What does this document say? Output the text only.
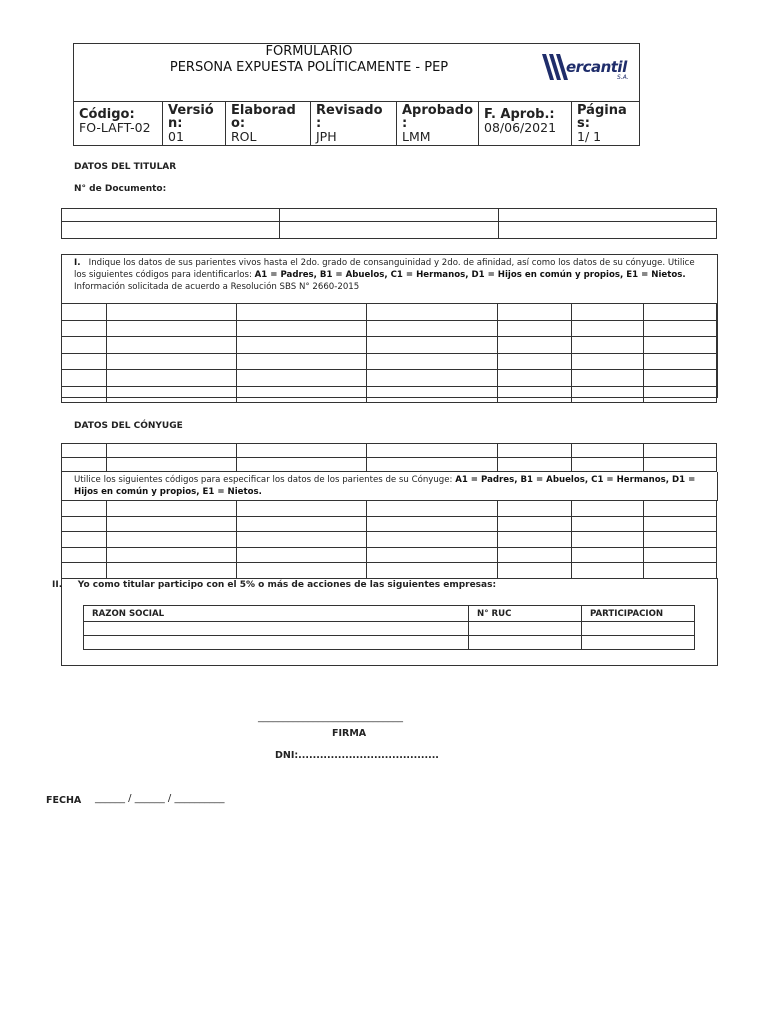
FORMULARIO
PERSONA EXPUESTA POLÍTICAMENTE - PEP	ercantil
S.A.
Código:
FO-LAFT-02

Versió n:
01

Elaborad o:
ROL

Revisado :
JPH

Aprobado :
LMM

F. Aprob.:
08/06/2021

Página s:
1/ 1
DATOS DEL TITULAR
N° de Documento:

I. Indique los datos de sus parientes vivos hasta el 2do. grado de consanguinidad y 2do. de afinidad, así como los datos de su cónyuge. Utilice los siguientes códigos para identificarlos: A1 = Padres, B1 = Abuelos, C1 = Hermanos, D1 = Hijos en común y propios, E1 = Nietos. Información solicitada de acuerdo a Resolución SBS N° 2660-2015

DATOS DEL CÓNYUGE

Utilice los siguientes códigos para especificar los datos de los parientes de su Cónyuge: A1 = Padres, B1 = Abuelos, C1 = Hermanos, D1 = Hijos en común y propios, E1 = Nietos.

II. Yo como titular participo con el 5% o más de acciones de las siguientes empresas:
RAZON SOCIAL	N° RUC	PARTICIPACION

_____________________________
FIRMA
DNI:.......................................
FECHA ______ / ______ / __________
